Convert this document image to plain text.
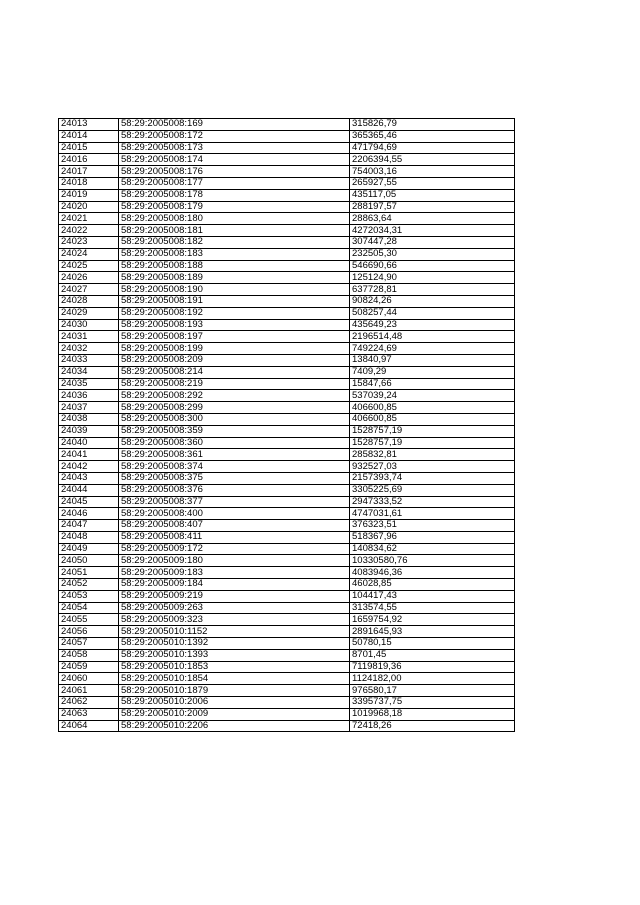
24013	58:29:2005008:169	315826,79
24014	58:29:2005008:172	365365,46
24015	58:29:2005008:173	471794,69
24016	58:29:2005008:174	2206394,55
24017	58:29:2005008:176	754003,16
24018	58:29:2005008:177	265927,55
24019	58:29:2005008:178	435117,05
24020	58:29:2005008:179	288197,57
24021	58:29:2005008:180	28863,64
24022	58:29:2005008:181	4272034,31
24023	58:29:2005008:182	307447,28
24024	58:29:2005008:183	232505,30
24025	58:29:2005008:188	546690,66
24026	58:29:2005008:189	125124,90
24027	58:29:2005008:190	637728,81
24028	58:29:2005008:191	90824,26
24029	58:29:2005008:192	508257,44
24030	58:29:2005008:193	435649,23
24031	58:29:2005008:197	2196514,48
24032	58:29:2005008:199	749224,69
24033	58:29:2005008:209	13840,97
24034	58:29:2005008:214	7409,29
24035	58:29:2005008:219	15847,66
24036	58:29:2005008:292	537039,24
24037	58:29:2005008:299	406600,85
24038	58:29:2005008:300	406600,85
24039	58:29:2005008:359	1528757,19
24040	58:29:2005008:360	1528757,19
24041	58:29:2005008:361	285832,81
24042	58:29:2005008:374	932527,03
24043	58:29:2005008:375	2157393,74
24044	58:29:2005008:376	3305225,69
24045	58:29:2005008:377	2947333,52
24046	58:29:2005008:400	4747031,61
24047	58:29:2005008:407	376323,51
24048	58:29:2005008:411	518367,96
24049	58:29:2005009:172	140834,62
24050	58:29:2005009:180	10330580,76
24051	58:29:2005009:183	4083946,36
24052	58:29:2005009:184	46028,85
24053	58:29:2005009:219	104417,43
24054	58:29:2005009:263	313574,55
24055	58:29:2005009:323	1659754,92
24056	58:29:2005010:1152	2891645,93
24057	58:29:2005010:1392	50780,15
24058	58:29:2005010:1393	8701,45
24059	58:29:2005010:1853	7119819,36
24060	58:29:2005010:1854	1124182,00
24061	58:29:2005010:1879	976580,17
24062	58:29:2005010:2006	3395737,75
24063	58:29:2005010:2009	1019968,18
24064	58:29:2005010:2206	72418,26
